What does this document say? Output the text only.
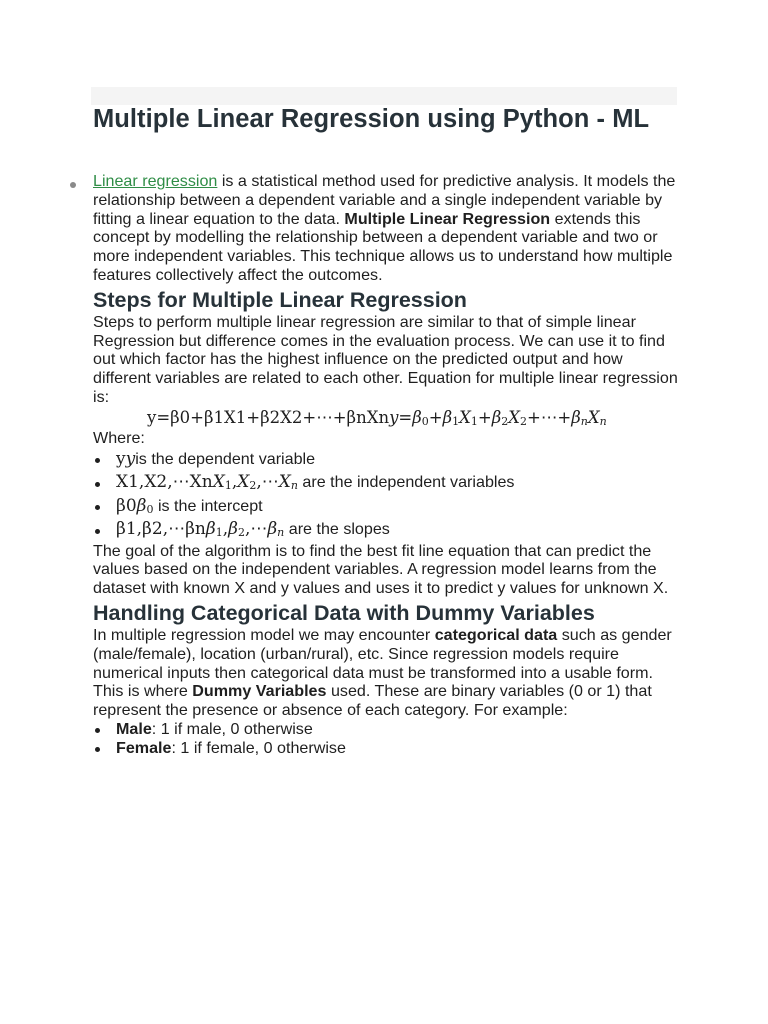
Multiple Linear Regression using Python - ML

Linear regression is a statistical method used for predictive analysis. It models the relationship between a dependent variable and a single independent variable by fitting a linear equation to the data. Multiple Linear Regression extends this concept by modelling the relationship between a dependent variable and two or more independent variables. This technique allows us to understand how multiple features collectively affect the outcomes.

Steps for Multiple Linear Regression

Steps to perform multiple linear regression are similar to that of simple linear Regression but difference comes in the evaluation process. We can use it to find out which factor has the highest influence on the predicted output and how different variables are related to each other. Equation for multiple linear regression is:

$y=\beta 0+\beta 1X1+\beta 2X2+\cdots+\beta nXny=\beta_0+\beta_1X_1+\beta_2X_2+\cdots+\beta_nX_n$

Where:

yyis the dependent variable
$X1,X2,\cdots XnX_1,X_2,\cdots X_n$ are the independent variables
$\beta 0\beta_0$ is the intercept
$\beta 1,\beta 2,\cdots\beta n\beta_1,\beta_2,\cdots\beta_n$ are the slopes

The goal of the algorithm is to find the best fit line equation that can predict the values based on the independent variables. A regression model learns from the dataset with known X and y values and uses it to predict y values for unknown X.

Handling Categorical Data with Dummy Variables

In multiple regression model we may encounter categorical data such as gender (male/female), location (urban/rural), etc. Since regression models require numerical inputs then categorical data must be transformed into a usable form. This is where Dummy Variables used. These are binary variables (0 or 1) that represent the presence or absence of each category. For example:

Male: 1 if male, 0 otherwise
Female: 1 if female, 0 otherwise
